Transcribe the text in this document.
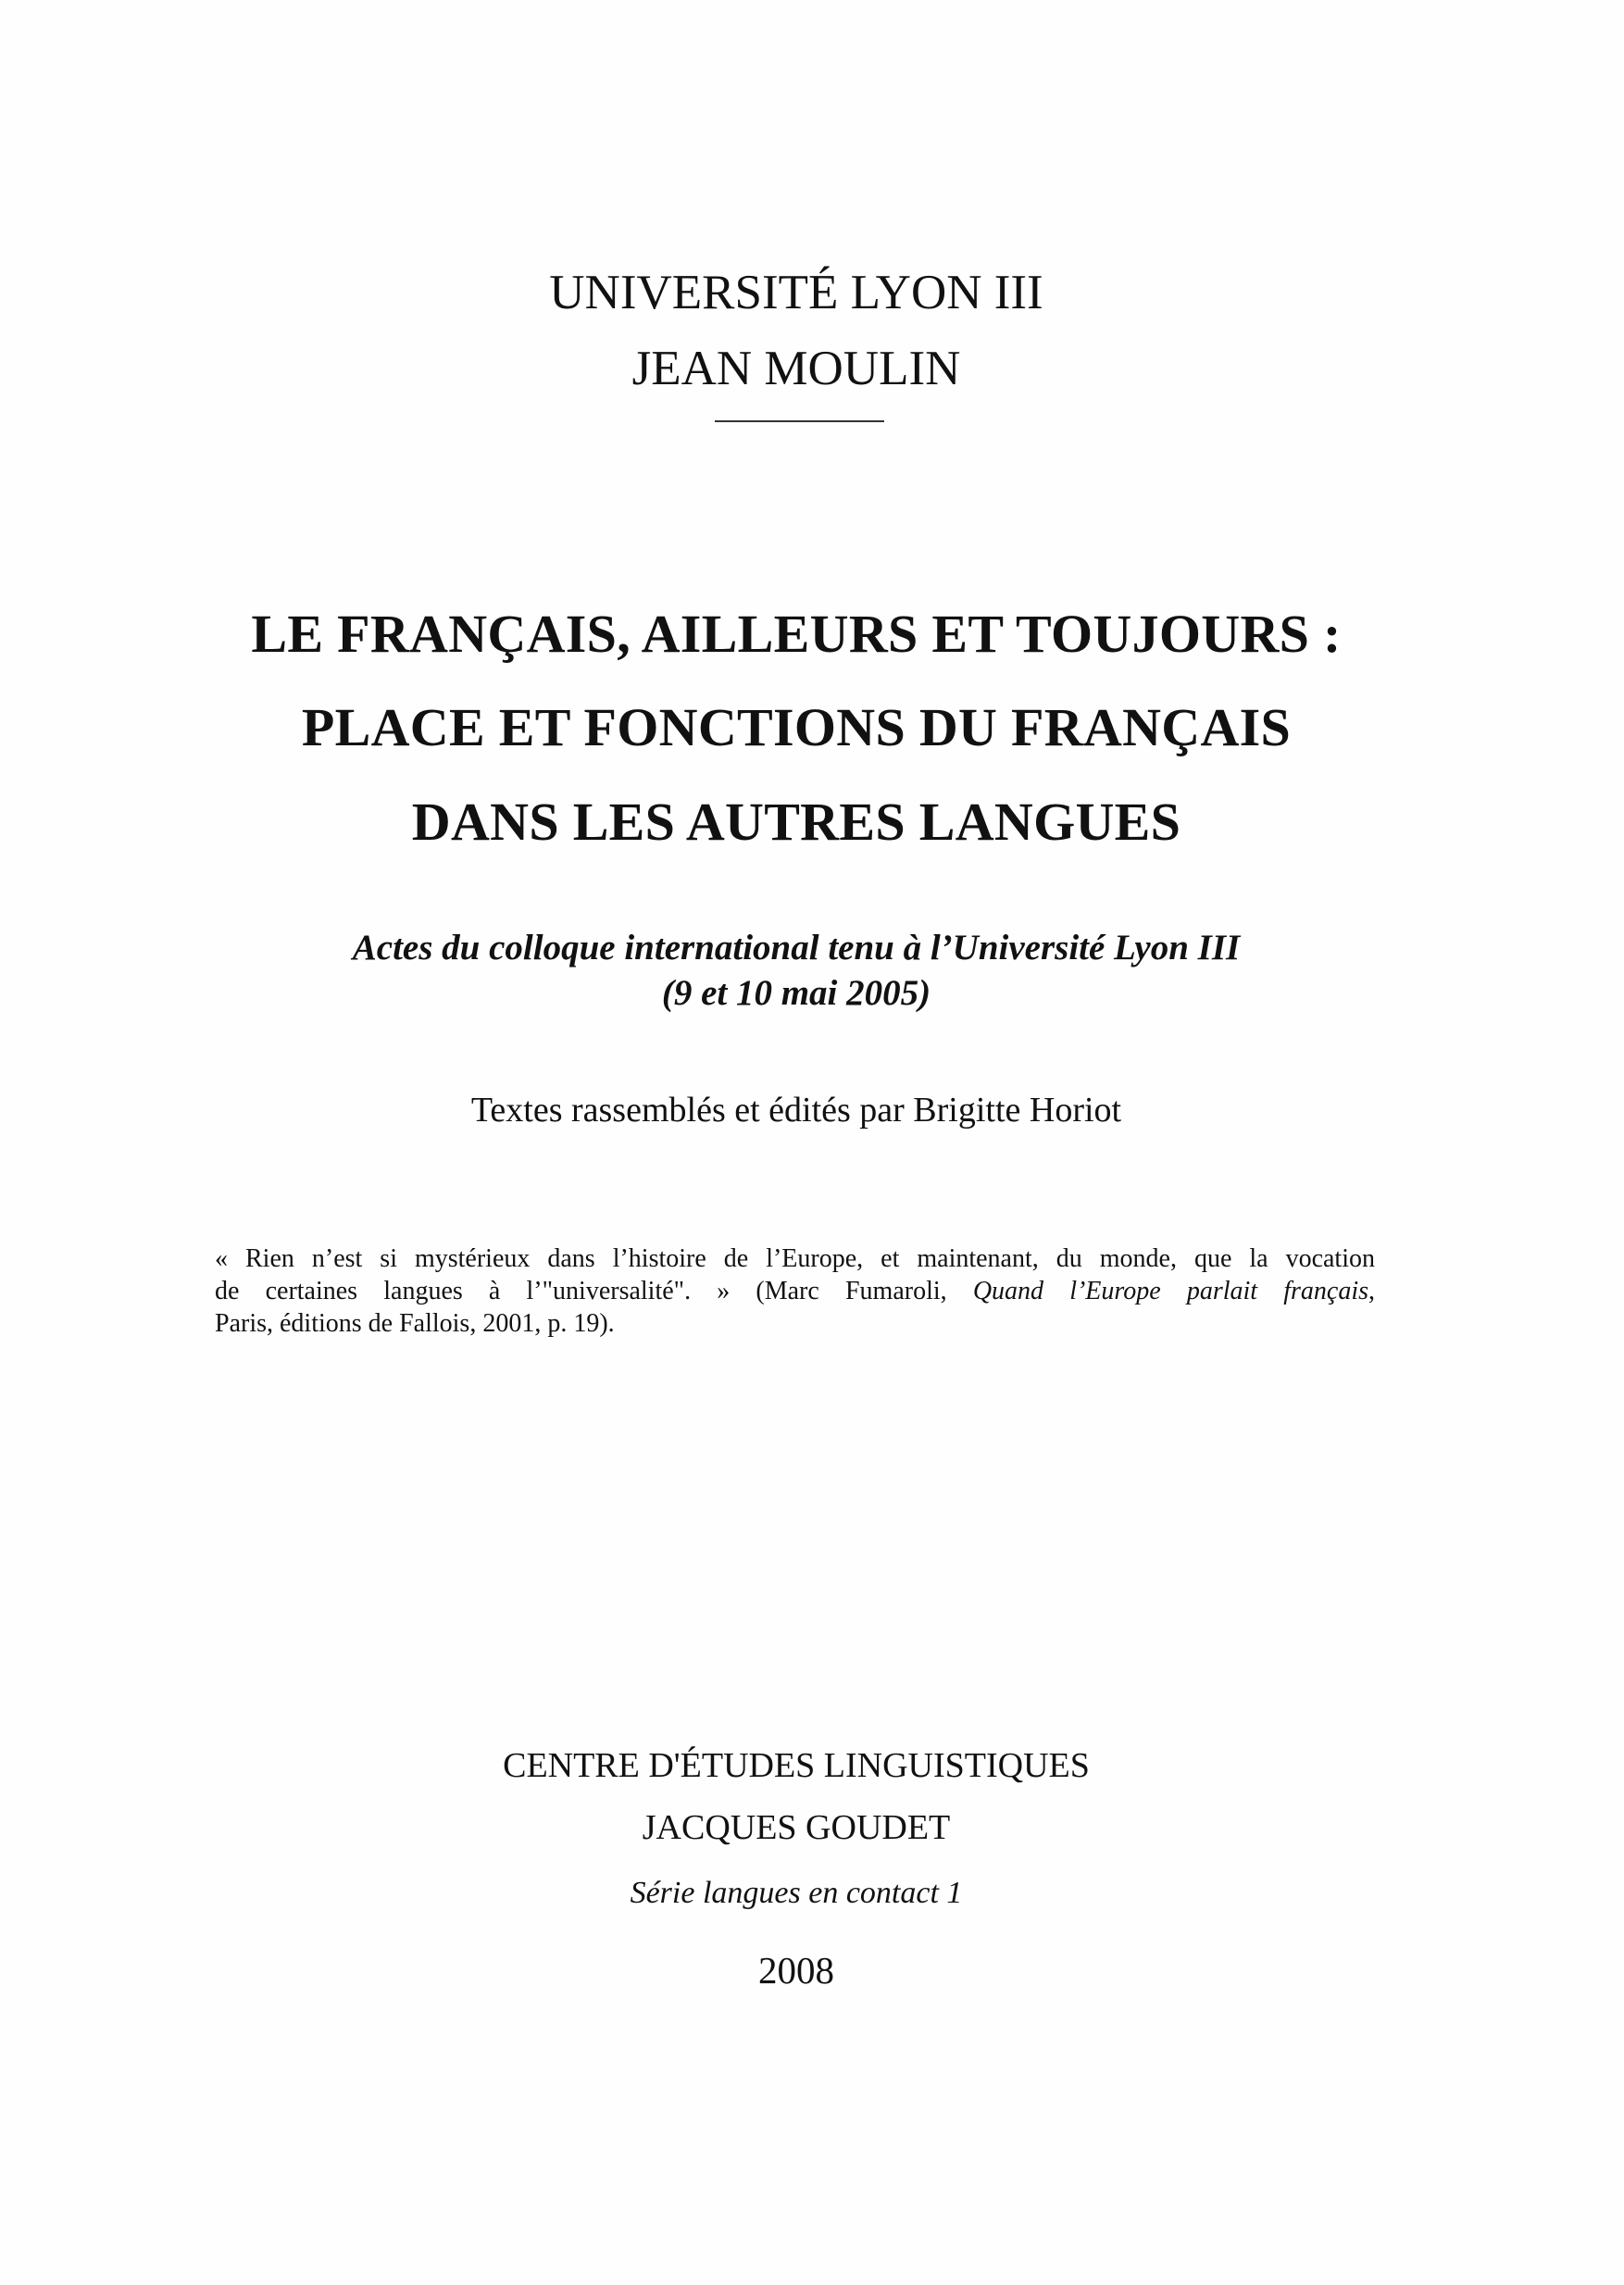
UNIVERSITÉ LYON III
JEAN MOULIN
LE FRANÇAIS, AILLEURS ET TOUJOURS :
PLACE ET FONCTIONS DU FRANÇAIS
DANS LES AUTRES LANGUES
Actes du colloque international tenu à l’Université Lyon III
(9 et 10 mai 2005)
Textes rassemblés et édités par Brigitte Horiot
« Rien n’est si mystérieux dans l’histoire de l’Europe, et maintenant, du monde, que la vocation
de certaines langues à l’"universalité". » (Marc Fumaroli, Quand l’Europe parlait français,
Paris, éditions de Fallois, 2001, p. 19).
CENTRE D'ÉTUDES LINGUISTIQUES
JACQUES GOUDET
Série langues en contact 1
2008
